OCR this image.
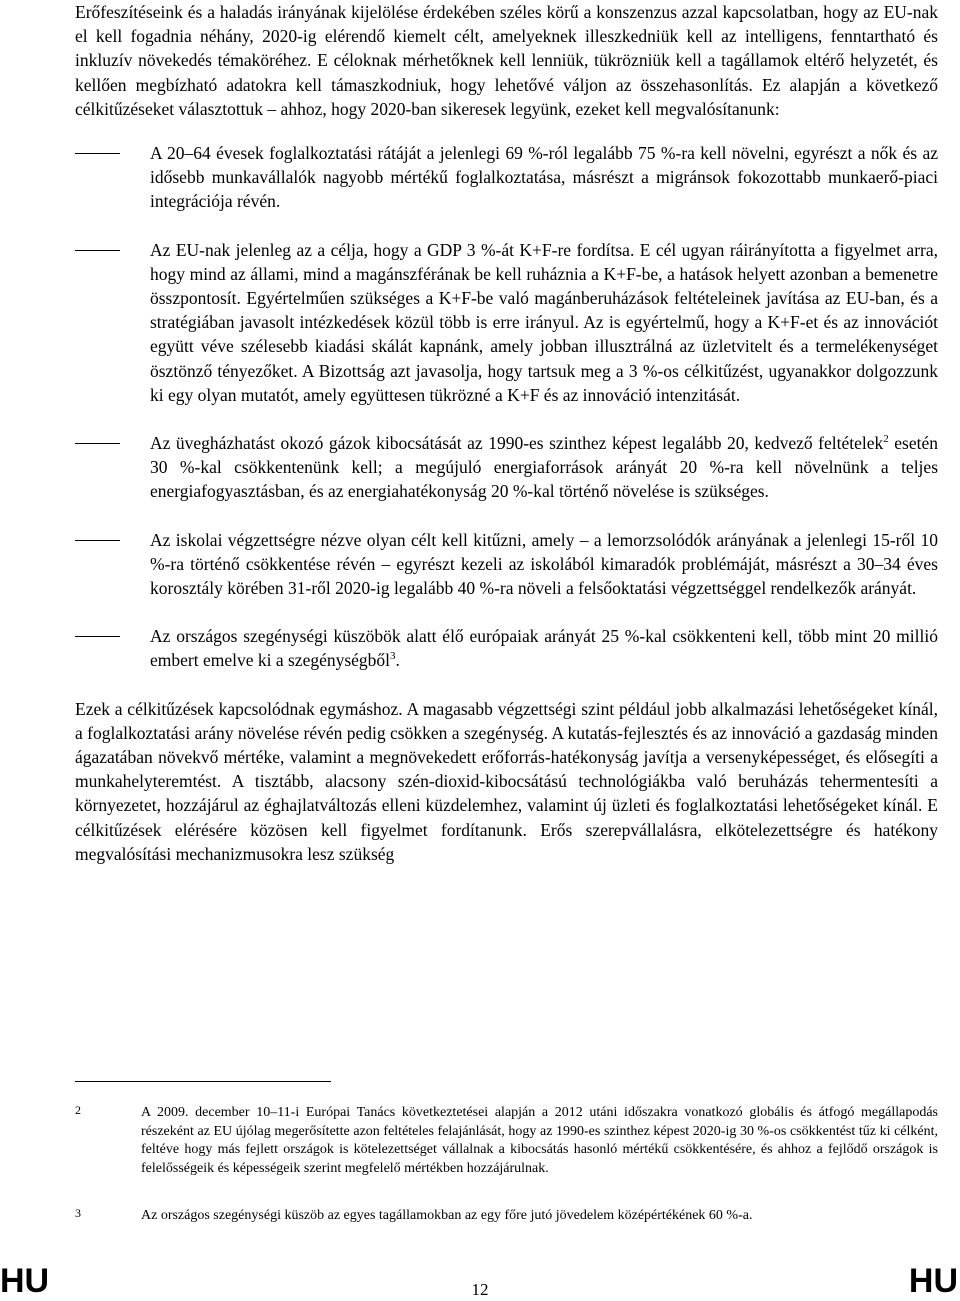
Erőfeszítéseink és a haladás irányának kijelölése érdekében széles körű a konszenzus azzal kapcsolatban, hogy az EU-nak el kell fogadnia néhány, 2020-ig elérendő kiemelt célt, amelyeknek illeszkedniük kell az intelligens, fenntartható és inkluzív növekedés témaköréhez. E céloknak mérhetőknek kell lenniük, tükrözniük kell a tagállamok eltérő helyzetét, és kellően megbízható adatokra kell támaszkodniuk, hogy lehetővé váljon az összehasonlítás. Ez alapján a következő célkitűzéseket választottuk – ahhoz, hogy 2020-ban sikeresek legyünk, ezeket kell megvalósítanunk:

A 20–64 évesek foglalkoztatási rátáját a jelenlegi 69 %-ról legalább 75 %-ra kell növelni, egyrészt a nők és az idősebb munkavállalók nagyobb mértékű foglalkoztatása, másrészt a migránsok fokozottabb munkaerő-piaci integrációja révén.

Az EU-nak jelenleg az a célja, hogy a GDP 3 %-át K+F-re fordítsa. E cél ugyan ráirányította a figyelmet arra, hogy mind az állami, mind a magánszférának be kell ruháznia a K+F-be, a hatások helyett azonban a bemenetre összpontosít. Egyértelműen szükséges a K+F-be való magánberuházások feltételeinek javítása az EU-ban, és a stratégiában javasolt intézkedések közül több is erre irányul. Az is egyértelmű, hogy a K+F-et és az innovációt együtt véve szélesebb kiadási skálát kapnánk, amely jobban illusztrálná az üzletvitelt és a termelékenységet ösztönző tényezőket. A Bizottság azt javasolja, hogy tartsuk meg a 3 %-os célkitűzést, ugyanakkor dolgozzunk ki egy olyan mutatót, amely együttesen tükrözné a K+F és az innováció intenzitását.

Az üvegházhatást okozó gázok kibocsátását az 1990-es szinthez képest legalább 20, kedvező feltételek$^2$ esetén 30 %-kal csökkentenünk kell; a megújuló energiaforrások arányát 20 %-ra kell növelnünk a teljes energiafogyasztásban, és az energiahatékonyság 20 %-kal történő növelése is szükséges.

Az iskolai végzettségre nézve olyan célt kell kitűzni, amely – a lemorzsolódók arányának a jelenlegi 15-ről 10 %-ra történő csökkentése révén – egyrészt kezeli az iskolából kimaradók problémáját, másrészt a 30–34 éves korosztály körében 31-ről 2020-ig legalább 40 %-ra növeli a felsőoktatási végzettséggel rendelkezők arányát.

Az országos szegénységi küszöbök alatt élő európaiak arányát 25 %-kal csökkenteni kell, több mint 20 millió embert emelve ki a szegénységből$^3$.

Ezek a célkitűzések kapcsolódnak egymáshoz. A magasabb végzettségi szint például jobb alkalmazási lehetőségeket kínál, a foglalkoztatási arány növelése révén pedig csökken a szegénység. A kutatás-fejlesztés és az innováció a gazdaság minden ágazatában növekvő mértéke, valamint a megnövekedett erőforrás-hatékonyság javítja a versenyképességet, és elősegíti a munkahelyteremtést. A tisztább, alacsony szén-dioxid-kibocsátású technológiákba való beruházás tehermentesíti a környezetet, hozzájárul az éghajlatváltozás elleni küzdelemhez, valamint új üzleti és foglalkoztatási lehetőségeket kínál. E célkitűzések elérésére közösen kell figyelmet fordítanunk. Erős szerepvállalásra, elkötelezettségre és hatékony megvalósítási mechanizmusokra lesz szükség

2	A 2009. december 10–11-i Európai Tanács következtetései alapján a 2012 utáni időszakra vonatkozó globális és átfogó megállapodás részeként az EU újólag megerősítette azon feltételes felajánlását, hogy az 1990-es szinthez képest 2020-ig 30 %-os csökkentést tűz ki célként, feltéve hogy más fejlett országok is kötelezettséget vállalnak a kibocsátás hasonló mértékű csökkentésére, és ahhoz a fejlődő országok is felelősségeik és képességeik szerint megfelelő mértékben hozzájárulnak.
3	Az országos szegénységi küszöb az egyes tagállamokban az egy főre jutó jövedelem középértékének 60 %-a.
HU	12	HU
